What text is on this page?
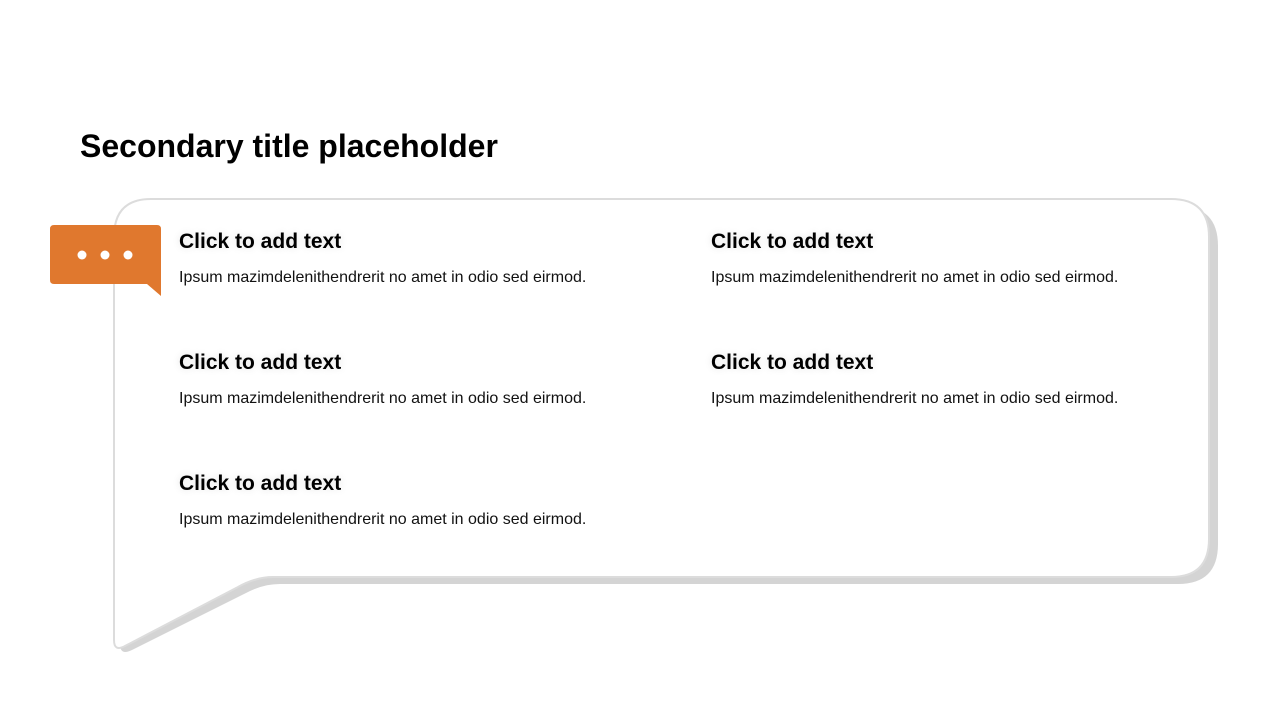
Secondary title placeholder
Click to add text
Ipsum mazimdelenithendrerit no amet in odio sed eirmod.
Click to add text
Ipsum mazimdelenithendrerit no amet in odio sed eirmod.
Click to add text
Ipsum mazimdelenithendrerit no amet in odio sed eirmod.
Click to add text
Ipsum mazimdelenithendrerit no amet in odio sed eirmod.
Click to add text
Ipsum mazimdelenithendrerit no amet in odio sed eirmod.
